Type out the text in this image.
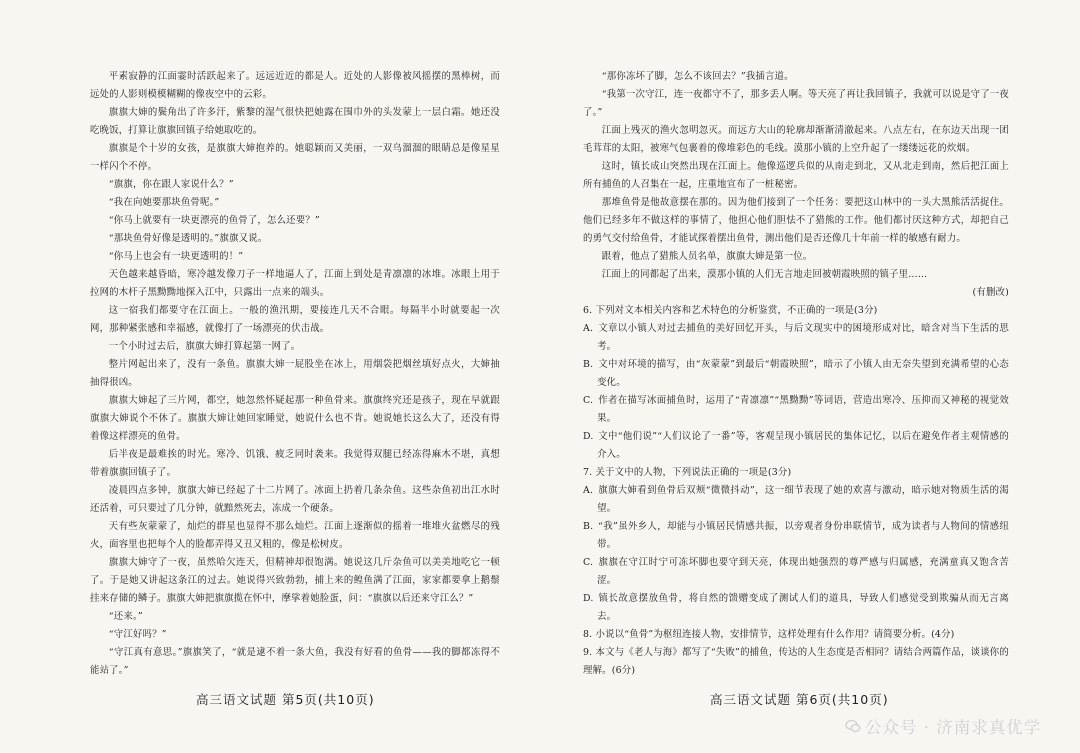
平素寂静的江面霎时活跃起来了。远远近近的都是人。近处的人影像被风摇摆的黑棒树，而远处的人影则模模糊糊的像夜空中的云彩。

旗旗大婶的鬓角出了许多汗，紫黎的湿气很快把她露在围巾外的头发蒙上一层白霜。她还没吃晚饭，打算让旗旗回镇子给她取吃的。

旗旗是个十岁的女孩，是旗旗大婶抱养的。她聪颖而又美丽，一双乌溜溜的眼睛总是像星星一样闪个不停。

“旗旗，你在跟人家说什么？”

“我在向她要那块鱼骨呢。”

“你马上就要有一块更漂亮的鱼骨了，怎么还要？”

“那块鱼骨好像是透明的。”旗旗又说。

“你马上也会有一块更透明的！”

天色越来越昏暗，寒冷越发像刀子一样地逼人了，江面上到处是青凛凛的冰堆。冰眼上用于拉网的木杆子黑黝黝地探入江中，只露出一点来的端头。

这一宿我们都要守在江面上。一般的渔汛期，要接连几天不合眼。每隔半小时就要起一次网，那种紧张感和幸福感，就像打了一场漂亮的伏击战。

一个小时过去后，旗旗大婶打算起第一网了。

整片网起出来了，没有一条鱼。旗旗大婶一屁股坐在冰上，用烟袋把烟丝填好点火，大婶抽抽得很凶。

旗旗大婶起了三片网，都空，她忽然怀疑起那一种鱼骨来。旗旗终究还是孩子，现在早就跟旗旗大婶说个不休了。旗旗大婶让她回家睡觉，她说什么也不肯。她说她长这么大了，还没有得着像这样漂亮的鱼骨。

后半夜是最难挨的时光。寒冷、饥饿、疲乏同时袭来。我觉得双腿已经冻得麻木不堪，真想带着旗旗回镇子了。

凌晨四点多钟，旗旗大婶已经起了十二片网了。冰面上扔着几条杂鱼。这些杂鱼初出江水时还活着，可只要过了几分钟，就黯然死去，冻成一个硬条。

天有些灰蒙蒙了，灿烂的群星也显得不那么灿烂。江面上逐渐似的摇着一堆堆火盆燃尽的残火，面容里也把每个人的脸都弄得又丑又粗的，像是松树皮。

旗旗大婶守了一夜，虽然哈欠连天，但精神却很饱满。她说这几斤杂鱼可以美美地吃它一顿了。于是她又讲起这条江的过去。她说得兴致勃勃，捕上来的鳇鱼满了江面，家家都要拿上鹅鬃挂来存储的鳞子。旗旗大婶把旗旗揽在怀中，摩挲着她脸蛋，问：“旗旗以后还来守江么？”

“还来。”

“守江好吗？”

“守江真有意思。”旗旗笑了，“就是逮不着一条大鱼，我没有好看的鱼骨——我的脚都冻得不能站了。”

高三语文试题 第5页(共10页)

“那你冻坏了脚，怎么不该回去？”我插言道。

“我第一次守江，连一夜都守不了，那多丢人啊。等天亮了再让我回镇子，我就可以说是守了一夜了。”

江面上残灭的渔火忽明忽灭。而远方大山的轮廓却渐渐清澈起来。八点左右，在东边天出现一团毛茸茸的太阳，被寒气包裹着的像堆彩色的毛线。漠那小镇的上空升起了一缕缕远花的炊烟。

这时，镇长成山突然出现在江面上。他像巡逻兵似的从南走到北，又从北走到南，然后把江面上所有捕鱼的人召集在一起，庄重地宣布了一桩秘密。

那堆鱼骨是他故意摆在那的。因为他们接到了一个任务：要把这山林中的一头大黑熊活活捉住。他们已经多年不做这样的事情了，他担心他们胆怯不了猎熊的工作。他们都讨厌这种方式，却把自己的勇气交付给鱼骨，才能试探着摆出鱼骨，测出他们是否还像几十年前一样的敏感有耐力。

跟着，他点了猎熊人员名单，旗旗大婶是第一位。

江面上的同都起了出来，漠那小镇的人们无言地走回被朝霞映照的镇子里……

(有删改)

6. 下列对文本相关内容和艺术特色的分析鉴赏，不正确的一项是(3分)

A. 文章以小镇人对过去捕鱼的美好回忆开头，与后文现实中的困境形成对比，暗含对当下生活的思考。

B. 文中对环境的描写，由“灰蒙蒙”到最后“朝霞映照”，暗示了小镇人由无奈失望到充满希望的心态变化。

C. 作者在描写冰面捕鱼时，运用了“青凛凛”“黑黝黝”等词语，营造出寒冷、压抑而又神秘的视觉效果。

D. 文中“他们说”“人们议论了一番”等，客观呈现小镇居民的集体记忆，以后在避免作者主观情感的介入。

7. 关于文中的人物，下列说法正确的一项是(3分)

A. 旗旗大婶看到鱼骨后双颊“微微抖动”，这一细节表现了她的欢喜与激动，暗示她对物质生活的渴望。

B. “我”虽外乡人，却能与小镇居民情感共振，以旁观者身份串联情节，成为读者与人物间的情感纽带。

C. 旗旗在守江时宁可冻坏脚也要守到天亮，体现出她强烈的尊严感与归属感，充满童真又饱含苦涩。

D. 镇长故意摆放鱼骨，将自然的馈赠变成了测试人们的道具，导致人们感觉受到欺骗从而无言离去。

8. 小说以“鱼骨”为枢纽连接人物，安排情节，这样处理有什么作用？请简要分析。(4分)

9. 本文与《老人与海》都写了“失败”的捕鱼，传达的人生态度是否相同？请结合两篇作品，谈谈你的理解。(6分)

高三语文试题 第6页(共10页)
公众号 · 济南求真优学
